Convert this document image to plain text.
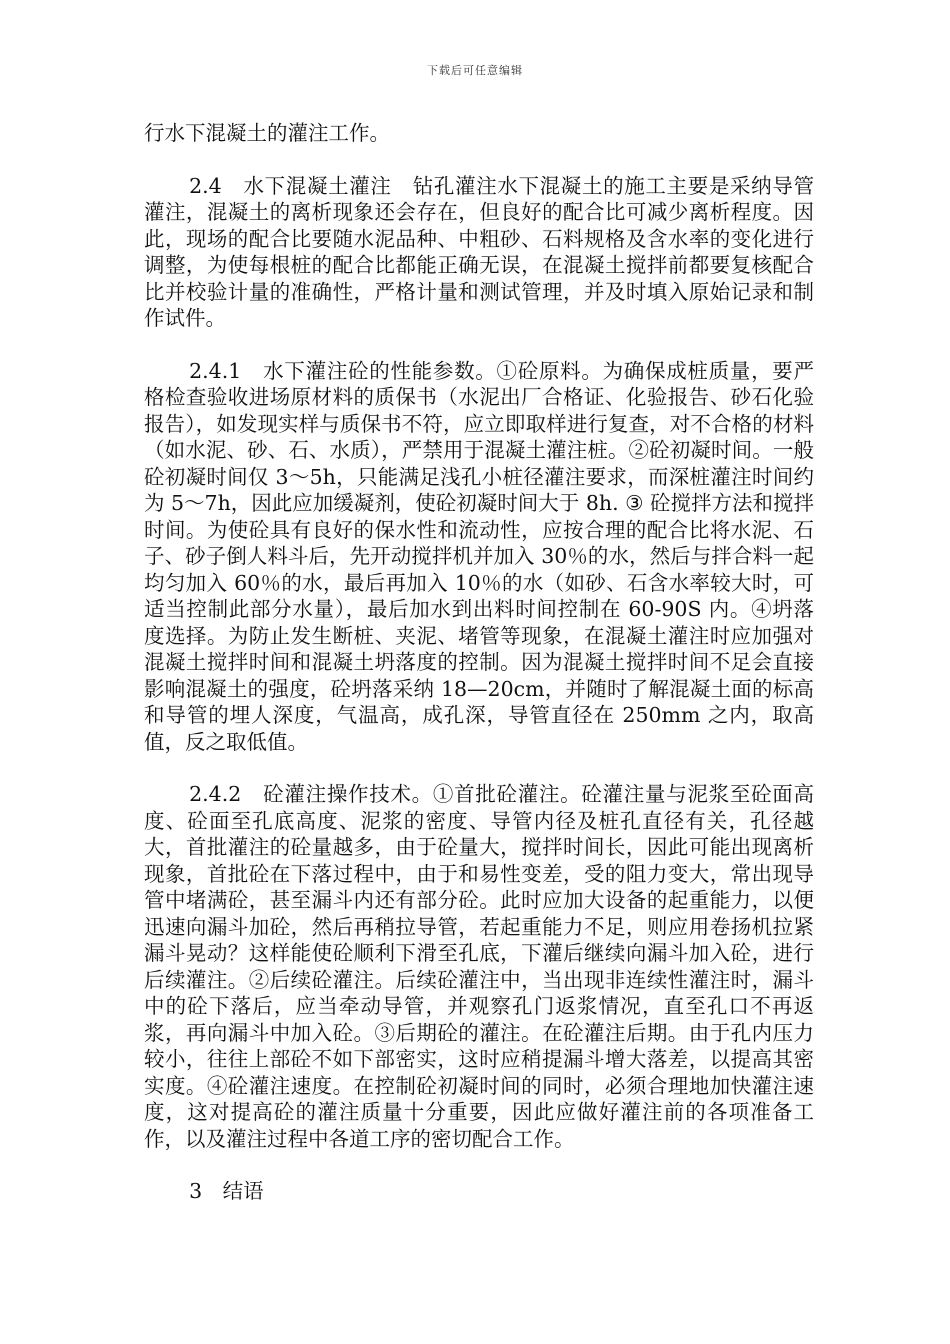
下载后可任意编辑

行水下混凝土的灌注工作。

2.4　水下混凝土灌注　钻孔灌注水下混凝土的施工主要是采纳导管灌注，混凝土的离析现象还会存在，但良好的配合比可减少离析程度。因此，现场的配合比要随水泥品种、中粗砂、石料规格及含水率的变化进行调整，为使每根桩的配合比都能正确无误，在混凝土搅拌前都要复核配合比并校验计量的准确性，严格计量和测试管理，并及时填入原始记录和制作试件。

2.4.1　水下灌注砼的性能参数。①砼原料。为确保成桩质量，要严格检查验收进场原材料的质保书（水泥出厂合格证、化验报告、砂石化验报告），如发现实样与质保书不符，应立即取样进行复查，对不合格的材料（如水泥、砂、石、水质），严禁用于混凝土灌注桩。②砼初凝时间。一般砼初凝时间仅 3～5h，只能满足浅孔小桩径灌注要求，而深桩灌注时间约为 5～7h，因此应加缓凝剂，使砼初凝时间大于 8h. ③ 砼搅拌方法和搅拌时间。为使砼具有良好的保水性和流动性，应按合理的配合比将水泥、石子、砂子倒人料斗后，先开动搅拌机并加入 30％的水，然后与拌合料一起均匀加入 60％的水，最后再加入 10％的水（如砂、石含水率较大时，可适当控制此部分水量），最后加水到出料时间控制在 60-90S 内。④坍落度选择。为防止发生断桩、夹泥、堵管等现象，在混凝土灌注时应加强对混凝土搅拌时间和混凝土坍落度的控制。因为混凝土搅拌时间不足会直接影响混凝土的强度，砼坍落采纳 18—20cm，并随时了解混凝土面的标高和导管的埋人深度，气温高，成孔深，导管直径在 250mm 之内，取高值，反之取低值。

2.4.2　砼灌注操作技术。①首批砼灌注。砼灌注量与泥浆至砼面高度、砼面至孔底高度、泥浆的密度、导管内径及桩孔直径有关，孔径越大，首批灌注的砼量越多，由于砼量大，搅拌时间长，因此可能出现离析现象，首批砼在下落过程中，由于和易性变差，受的阻力变大，常出现导管中堵满砼，甚至漏斗内还有部分砼。此时应加大设备的起重能力，以便迅速向漏斗加砼，然后再稍拉导管，若起重能力不足，则应用卷扬机拉紧漏斗晃动？这样能使砼顺利下滑至孔底，下灌后继续向漏斗加入砼，进行后续灌注。②后续砼灌注。后续砼灌注中，当出现非连续性灌注时，漏斗中的砼下落后，应当牵动导管，并观察孔门返浆情况，直至孔口不再返浆，再向漏斗中加入砼。③后期砼的灌注。在砼灌注后期。由于孔内压力较小，往往上部砼不如下部密实，这时应稍提漏斗增大落差，以提高其密实度。④砼灌注速度。在控制砼初凝时间的同时，必须合理地加快灌注速度，这对提高砼的灌注质量十分重要，因此应做好灌注前的各项准备工作，以及灌注过程中各道工序的密切配合工作。

3　结语
